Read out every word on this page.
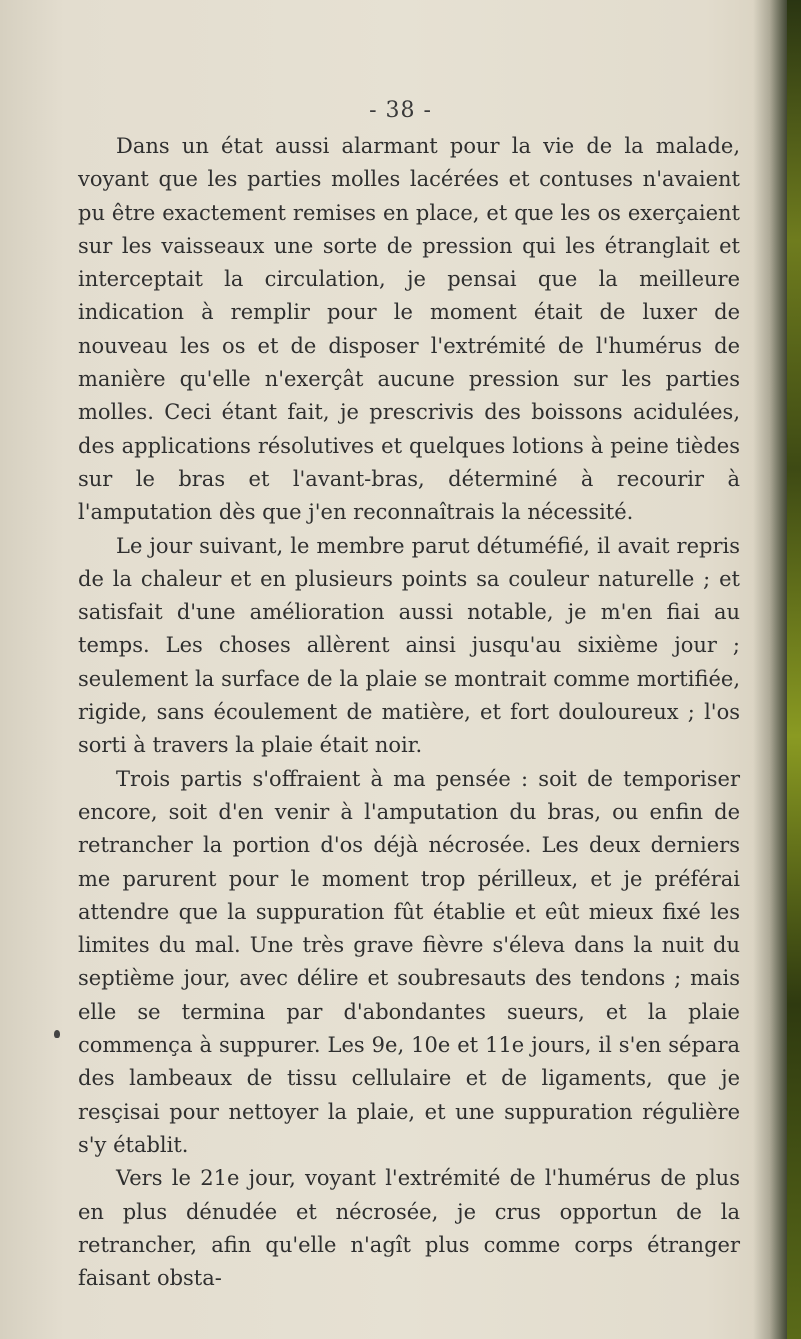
- 38 -

Dans un état aussi alarmant pour la vie de la malade, voyant que les parties molles lacérées et contuses n'avaient pu être exactement remises en place, et que les os exerçaient sur les vaisseaux une sorte de pression qui les étranglait et interceptait la circulation, je pensai que la meilleure indication à remplir pour le moment était de luxer de nouveau les os et de disposer l'extrémité de l'humérus de manière qu'elle n'exerçât aucune pression sur les parties molles. Ceci étant fait, je prescrivis des boissons acidulées, des applications résolutives et quelques lotions à peine tièdes sur le bras et l'avant-bras, déterminé à recourir à l'amputation dès que j'en reconnaîtrais la nécessité.

Le jour suivant, le membre parut détuméfié, il avait repris de la chaleur et en plusieurs points sa couleur naturelle ; et satisfait d'une amélioration aussi notable, je m'en fiai au temps. Les choses allèrent ainsi jusqu'au sixième jour ; seulement la surface de la plaie se montrait comme mortifiée, rigide, sans écoulement de matière, et fort douloureux ; l'os sorti à travers la plaie était noir.

Trois partis s'offraient à ma pensée : soit de temporiser encore, soit d'en venir à l'amputation du bras, ou enfin de retrancher la portion d'os déjà nécrosée. Les deux derniers me parurent pour le moment trop périlleux, et je préférai attendre que la suppuration fût établie et eût mieux fixé les limites du mal. Une très grave fièvre s'éleva dans la nuit du septième jour, avec délire et soubresauts des tendons ; mais elle se termina par d'abondantes sueurs, et la plaie commença à suppurer. Les 9e, 10e et 11e jours, il s'en sépara des lambeaux de tissu cellulaire et de ligaments, que je resçisai pour nettoyer la plaie, et une suppuration régulière s'y établit.

Vers le 21e jour, voyant l'extrémité de l'humérus de plus en plus dénudée et nécrosée, je crus opportun de la retrancher, afin qu'elle n'agît plus comme corps étranger faisant obsta-
